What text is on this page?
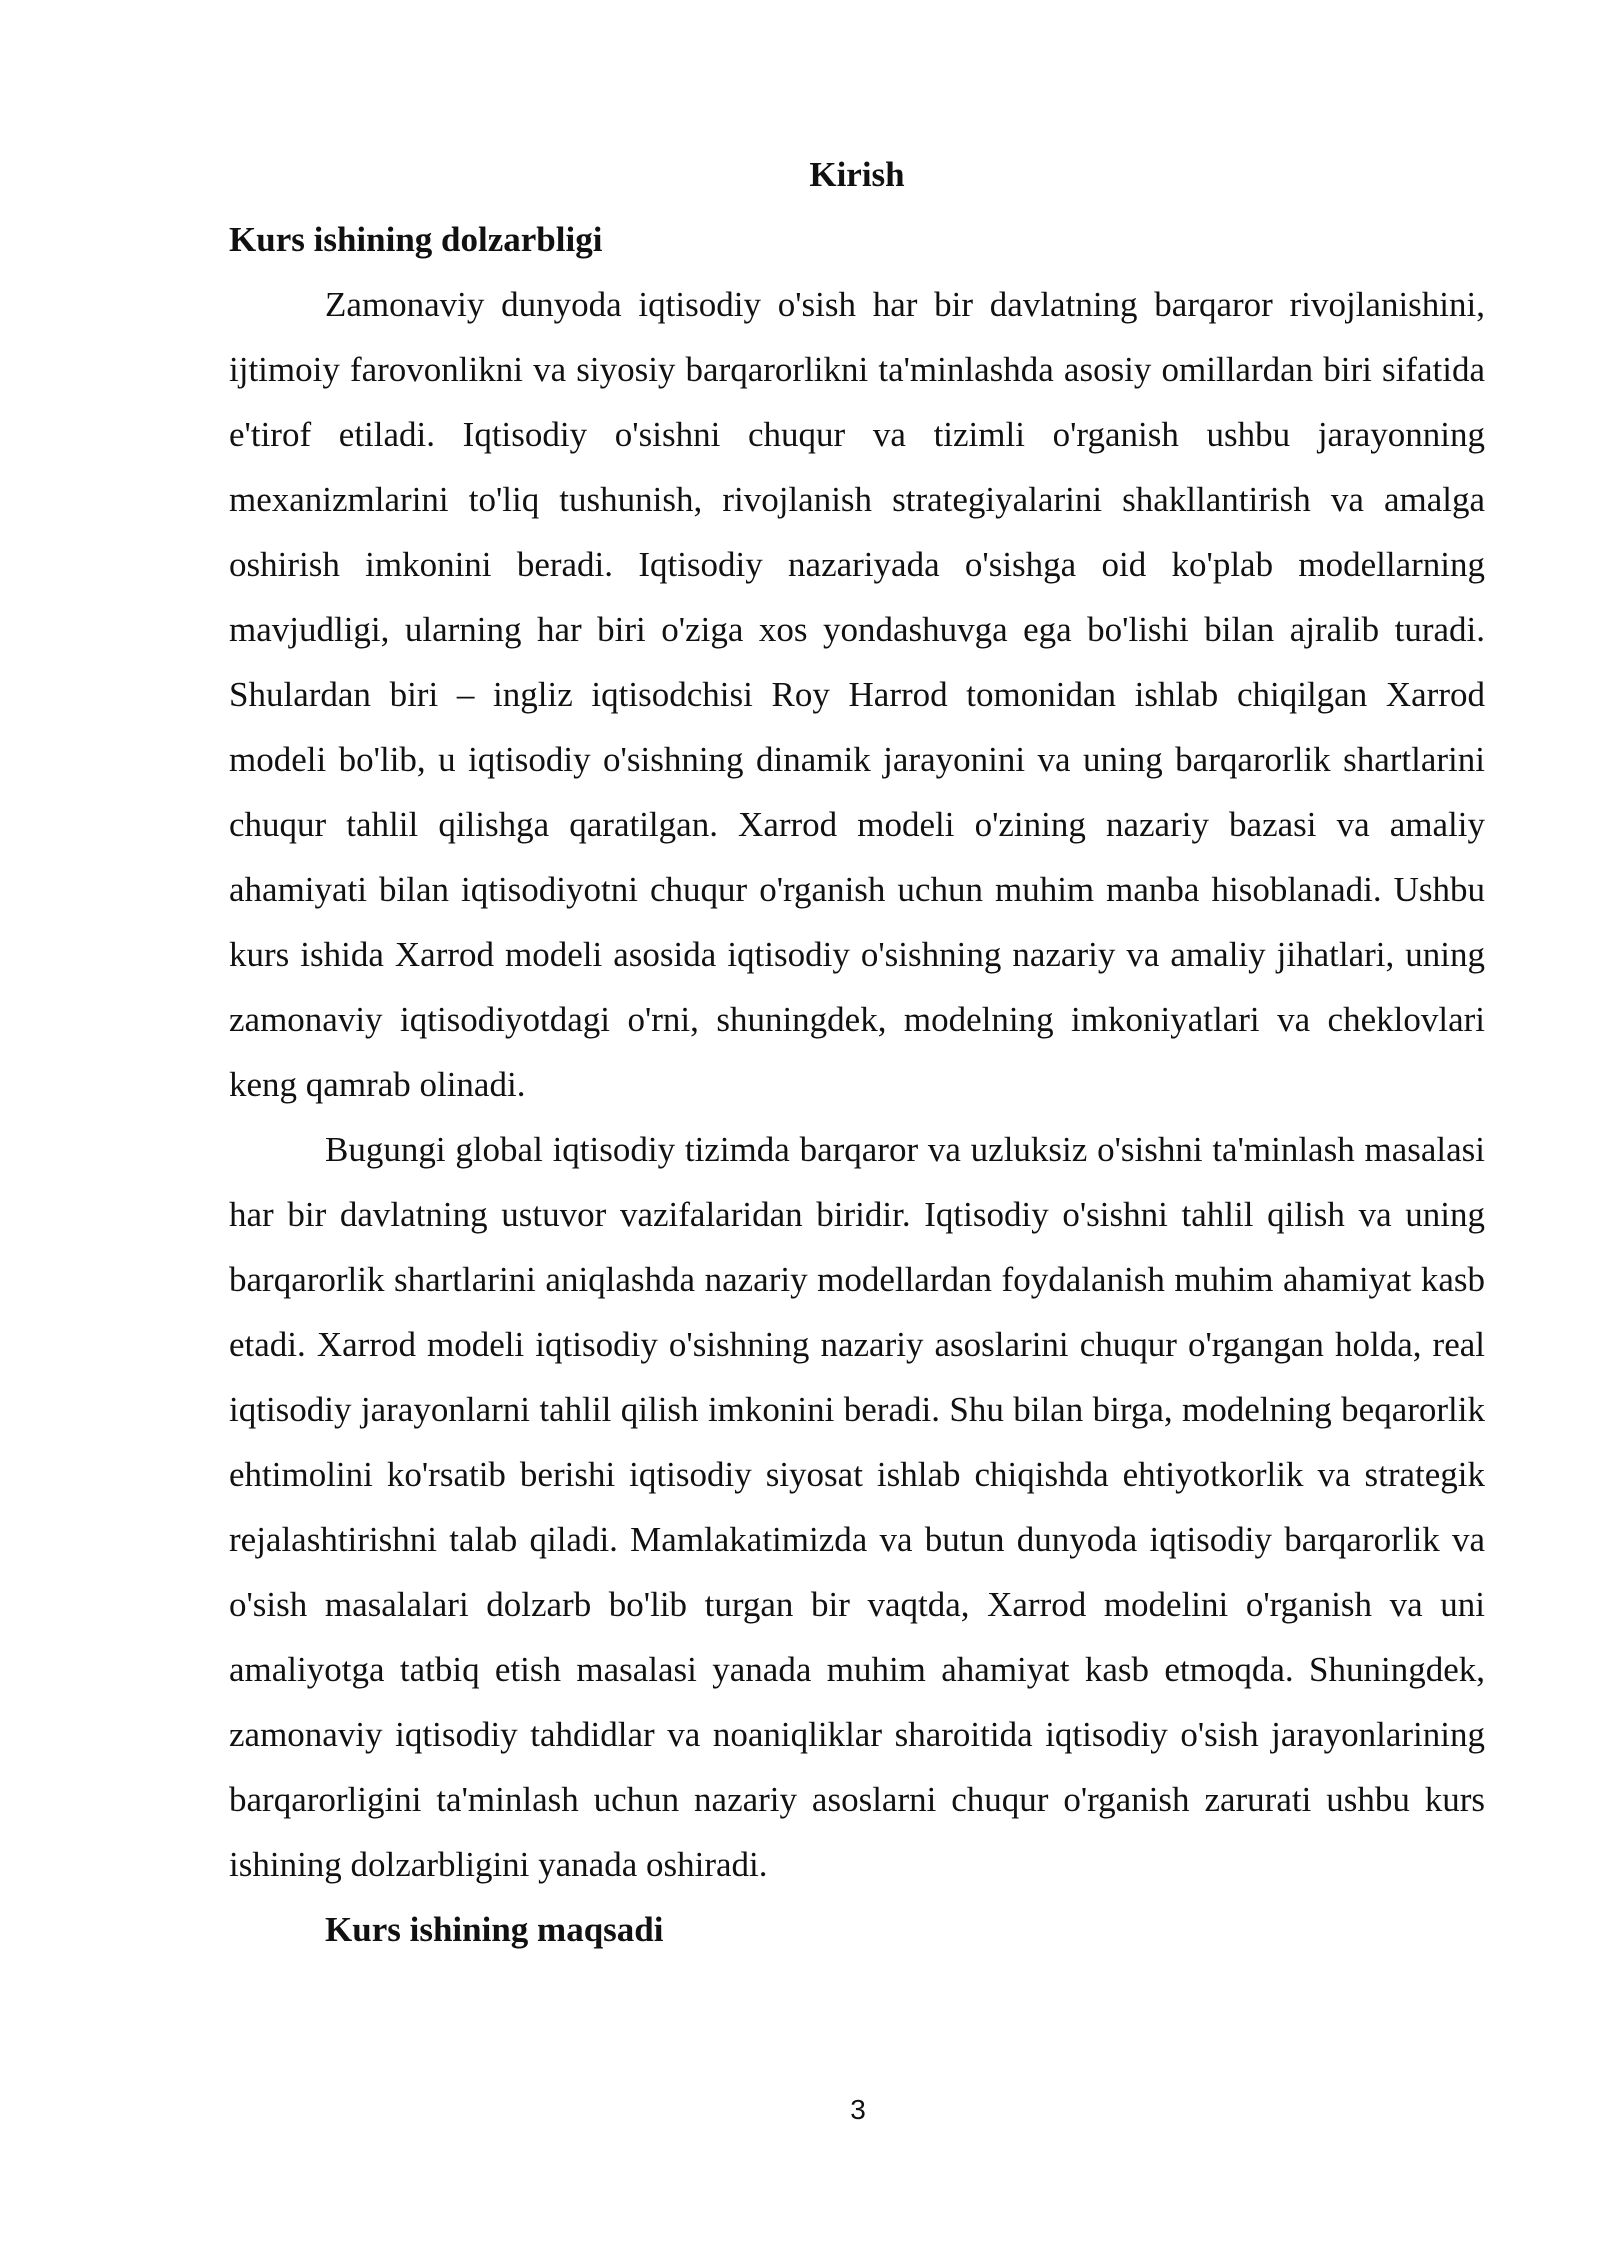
Kirish
Kurs ishining dolzarbligi

Zamonaviy dunyoda iqtisodiy o'sish har bir davlatning barqaror rivojlanishini, ijtimoiy farovonlikni va siyosiy barqarorlikni ta'minlashda asosiy omillardan biri sifatida e'tirof etiladi. Iqtisodiy o'sishni chuqur va tizimli o'rganish ushbu jarayonning mexanizmlarini to'liq tushunish, rivojlanish strategiyalarini shakllantirish va amalga oshirish imkonini beradi. Iqtisodiy nazariyada o'sishga oid ko'plab modellarning mavjudligi, ularning har biri o'ziga xos yondashuvga ega bo'lishi bilan ajralib turadi. Shulardan biri – ingliz iqtisodchisi Roy Harrod tomonidan ishlab chiqilgan Xarrod modeli bo'lib, u iqtisodiy o'sishning dinamik jarayonini va uning barqarorlik shartlarini chuqur tahlil qilishga qaratilgan. Xarrod modeli o'zining nazariy bazasi va amaliy ahamiyati bilan iqtisodiyotni chuqur o'rganish uchun muhim manba hisoblanadi. Ushbu kurs ishida Xarrod modeli asosida iqtisodiy o'sishning nazariy va amaliy jihatlari, uning zamonaviy iqtisodiyotdagi o'rni, shuningdek, modelning imkoniyatlari va cheklovlari keng qamrab olinadi.

Bugungi global iqtisodiy tizimda barqaror va uzluksiz o'sishni ta'minlash masalasi har bir davlatning ustuvor vazifalaridan biridir. Iqtisodiy o'sishni tahlil qilish va uning barqarorlik shartlarini aniqlashda nazariy modellardan foydalanish muhim ahamiyat kasb etadi. Xarrod modeli iqtisodiy o'sishning nazariy asoslarini chuqur o'rgangan holda, real iqtisodiy jarayonlarni tahlil qilish imkonini beradi. Shu bilan birga, modelning beqarorlik ehtimolini ko'rsatib berishi iqtisodiy siyosat ishlab chiqishda ehtiyotkorlik va strategik rejalashtirishni talab qiladi. Mamlakatimizda va butun dunyoda iqtisodiy barqarorlik va o'sish masalalari dolzarb bo'lib turgan bir vaqtda, Xarrod modelini o'rganish va uni amaliyotga tatbiq etish masalasi yanada muhim ahamiyat kasb etmoqda. Shuningdek, zamonaviy iqtisodiy tahdidlar va noaniqliklar sharoitida iqtisodiy o'sish jarayonlarining barqarorligini ta'minlash uchun nazariy asoslarni chuqur o'rganish zarurati ushbu kurs ishining dolzarbligini yanada oshiradi.

Kurs ishining maqsadi
3
